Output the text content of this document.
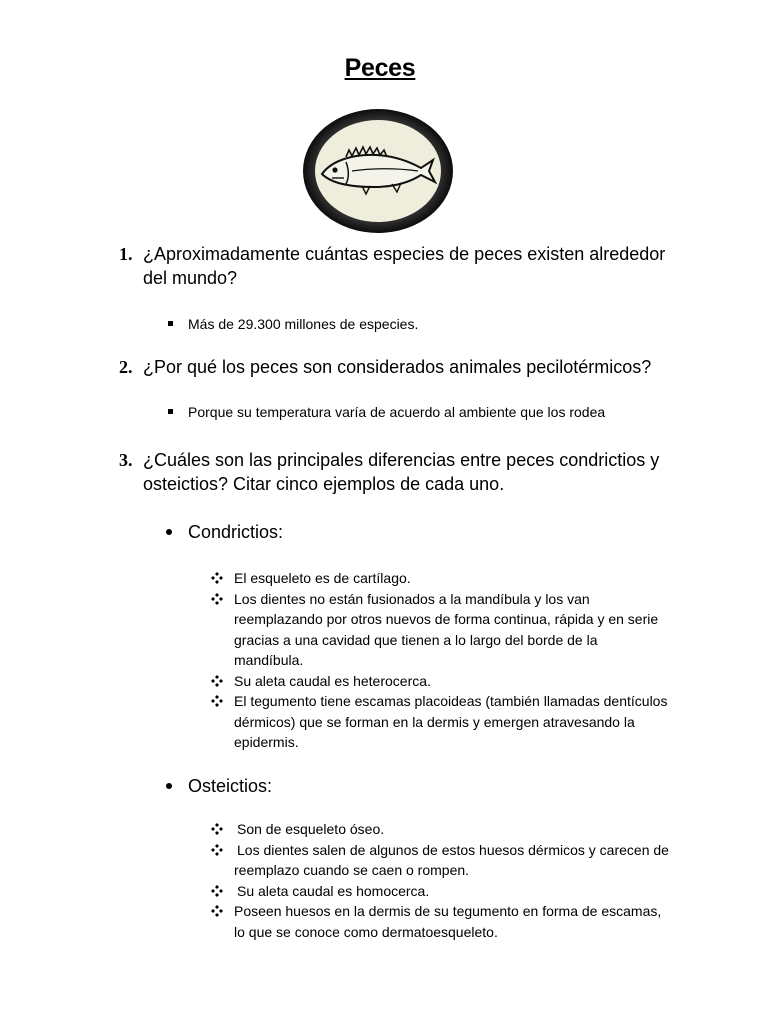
Peces
1. ¿Aproximadamente cuántas especies de peces existen alrededor del mundo?
Más de 29.300 millones de especies.
2. ¿Por qué los peces son considerados animales pecilotérmicos?
Porque su temperatura varía de acuerdo al ambiente que los rodea
3. ¿Cuáles son las principales diferencias entre peces condrictios y osteictios? Citar cinco ejemplos de cada uno.
Condrictios:
El esqueleto es de cartílago.
Los dientes no están fusionados a la mandíbula y los van reemplazando por otros nuevos de forma continua, rápida y en serie gracias a una cavidad que tienen a lo largo del borde de la mandíbula.
Su aleta caudal es heterocerca.
El tegumento tiene escamas placoideas (también llamadas dentículos dérmicos) que se forman en la dermis y emergen atravesando la epidermis.
Osteictios:
Son de esqueleto óseo.
Los dientes salen de algunos de estos huesos dérmicos y carecen de reemplazo cuando se caen o rompen.
Su aleta caudal es homocerca.
Poseen huesos en la dermis de su tegumento en forma de escamas, lo que se conoce como dermatoesqueleto.
